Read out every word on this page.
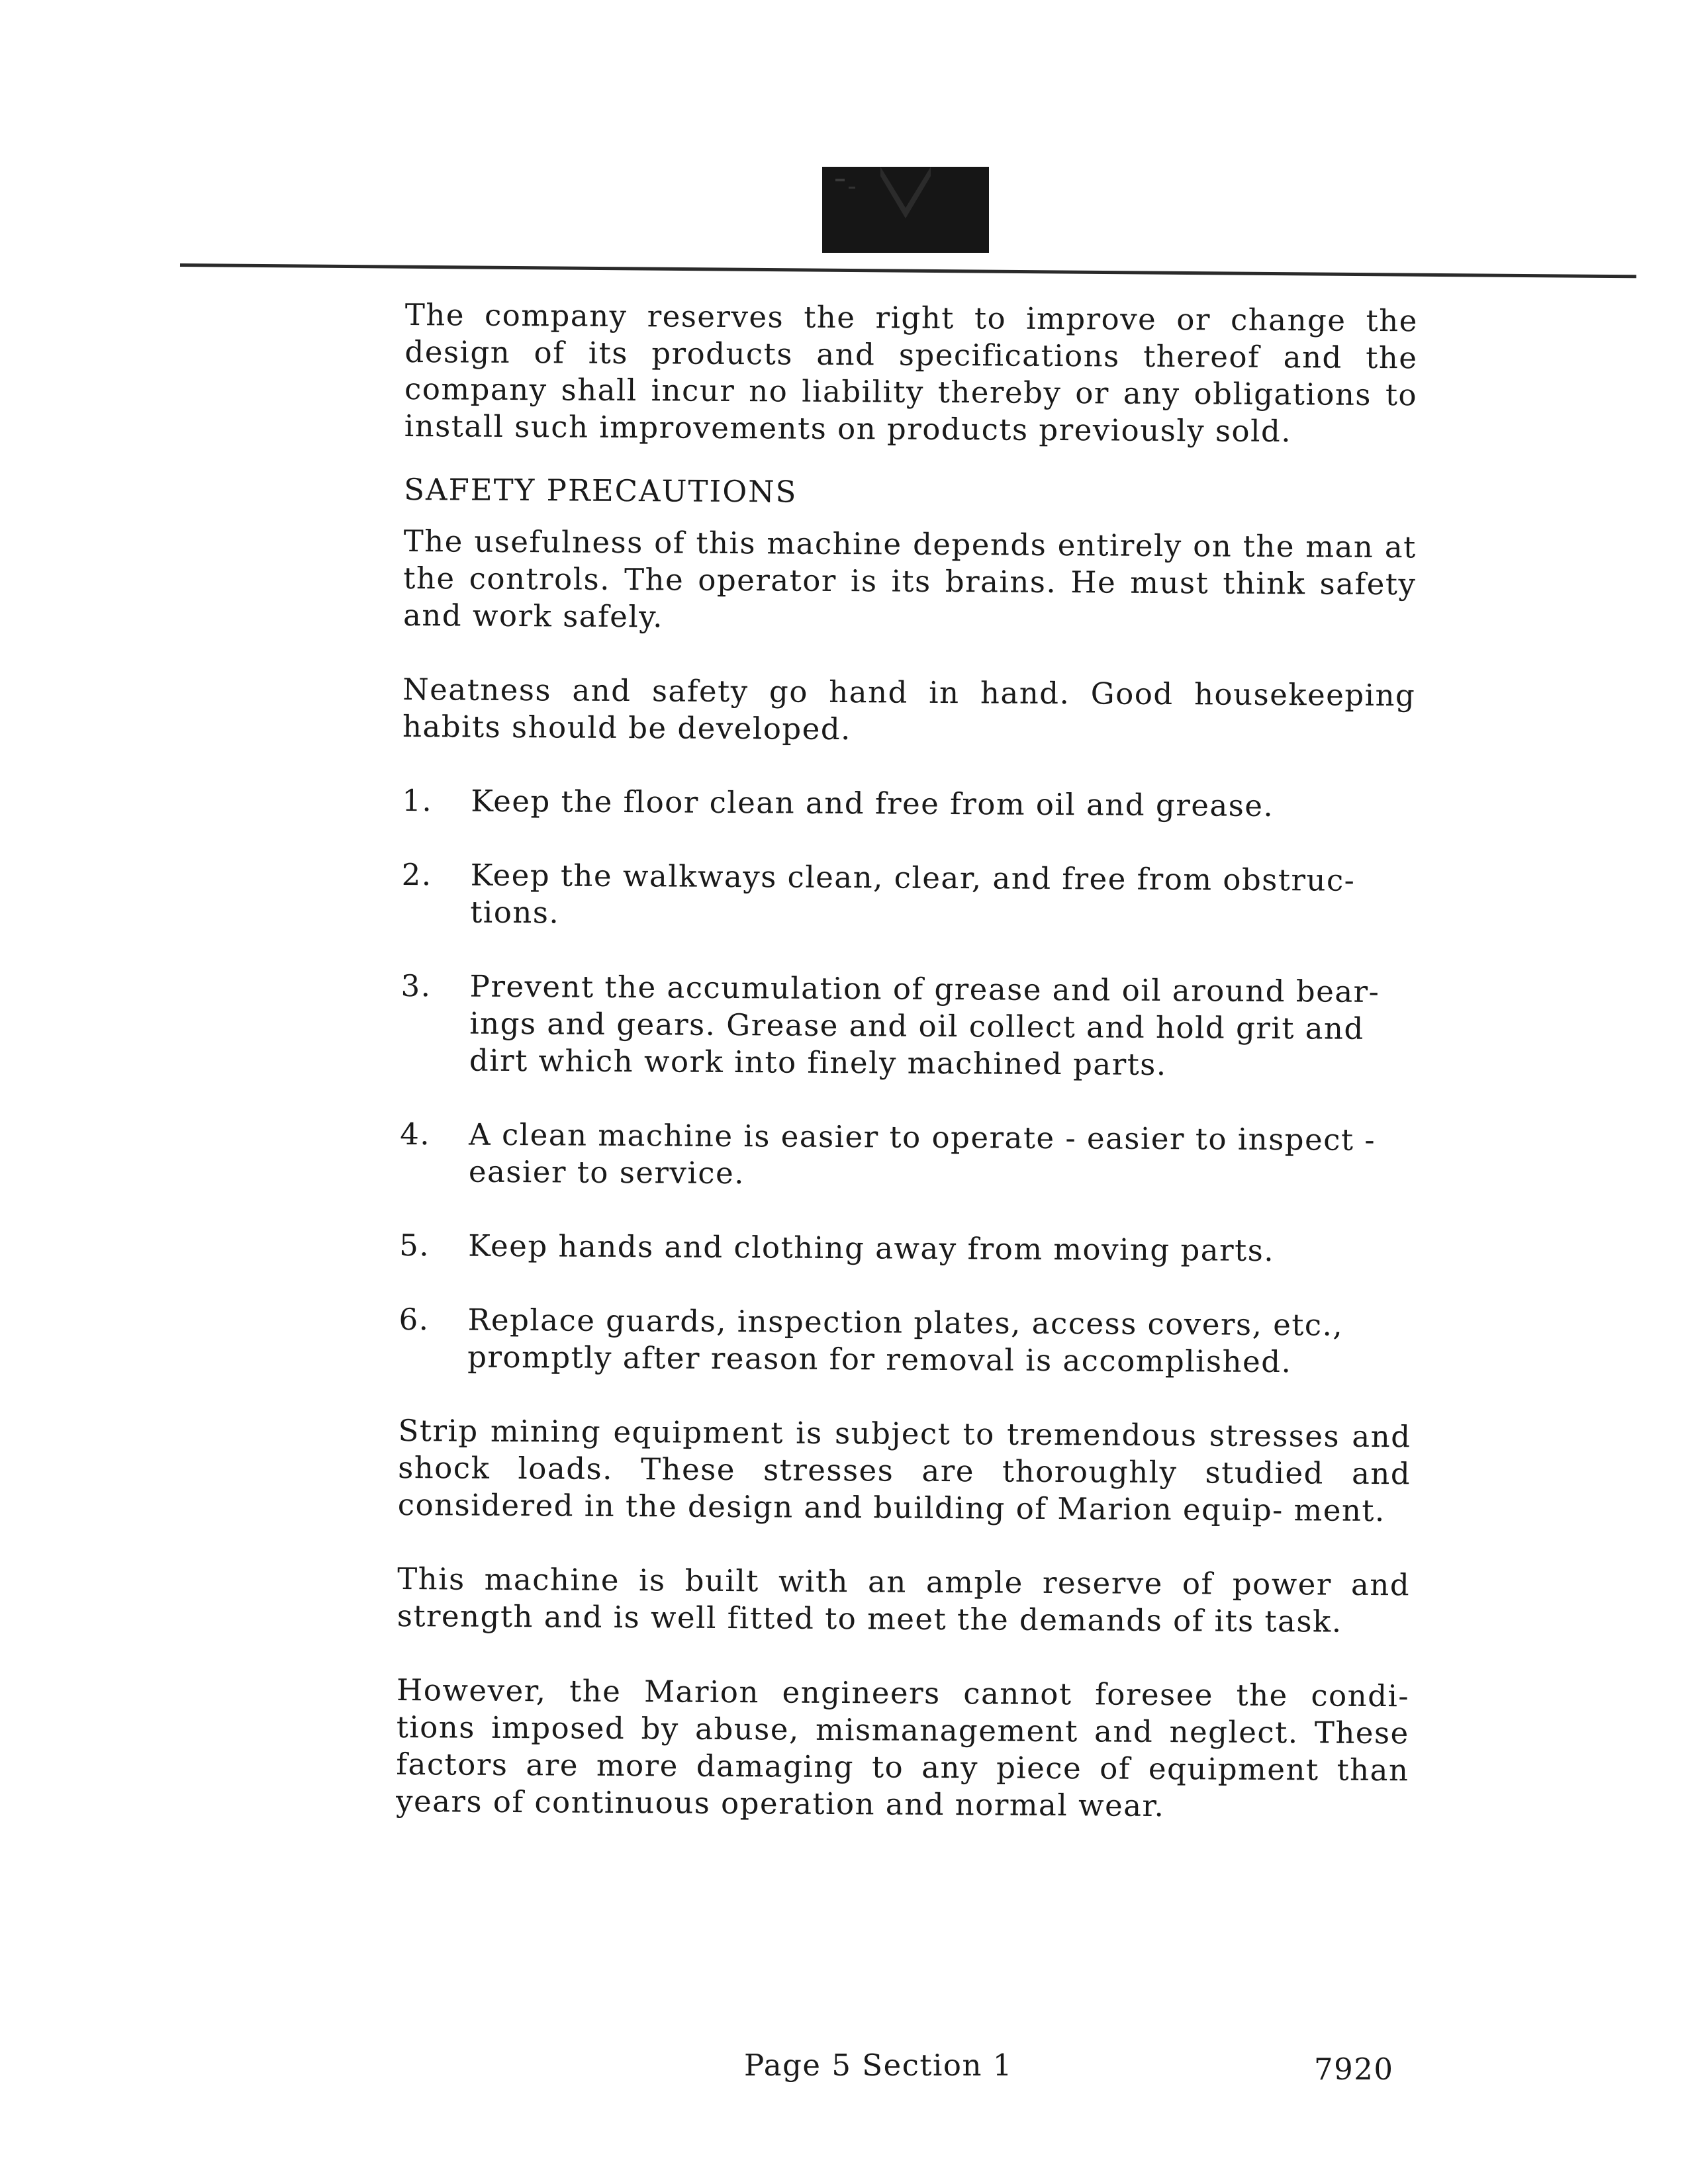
The company reserves the right to improve or change the design of its products and specifications thereof and the company shall incur no liability thereby or any obligations to install such improvements on products previously sold.

SAFETY PRECAUTIONS

The usefulness of this machine depends entirely on the man at the controls. The operator is its brains. He must think safety and work safely.

Neatness and safety go hand in hand. Good housekeeping habits should be developed.

1.	Keep the floor clean and free from oil and grease.
2.	Keep the walkways clean, clear, and free from obstruc- tions.
3.	Prevent the accumulation of grease and oil around bear- ings and gears. Grease and oil collect and hold grit and dirt which work into finely machined parts.
4.	A clean machine is easier to operate - easier to inspect - easier to service.
5.	Keep hands and clothing away from moving parts.
6.	Replace guards, inspection plates, access covers, etc., promptly after reason for removal is accomplished.

Strip mining equipment is subject to tremendous stresses and shock loads. These stresses are thoroughly studied and considered in the design and building of Marion equip- ment.

This machine is built with an ample reserve of power and strength and is well fitted to meet the demands of its task.

However, the Marion engineers cannot foresee the condi- tions imposed by abuse, mismanagement and neglect. These factors are more damaging to any piece of equipment than years of continuous operation and normal wear.

Page 5 Section 1	7920
